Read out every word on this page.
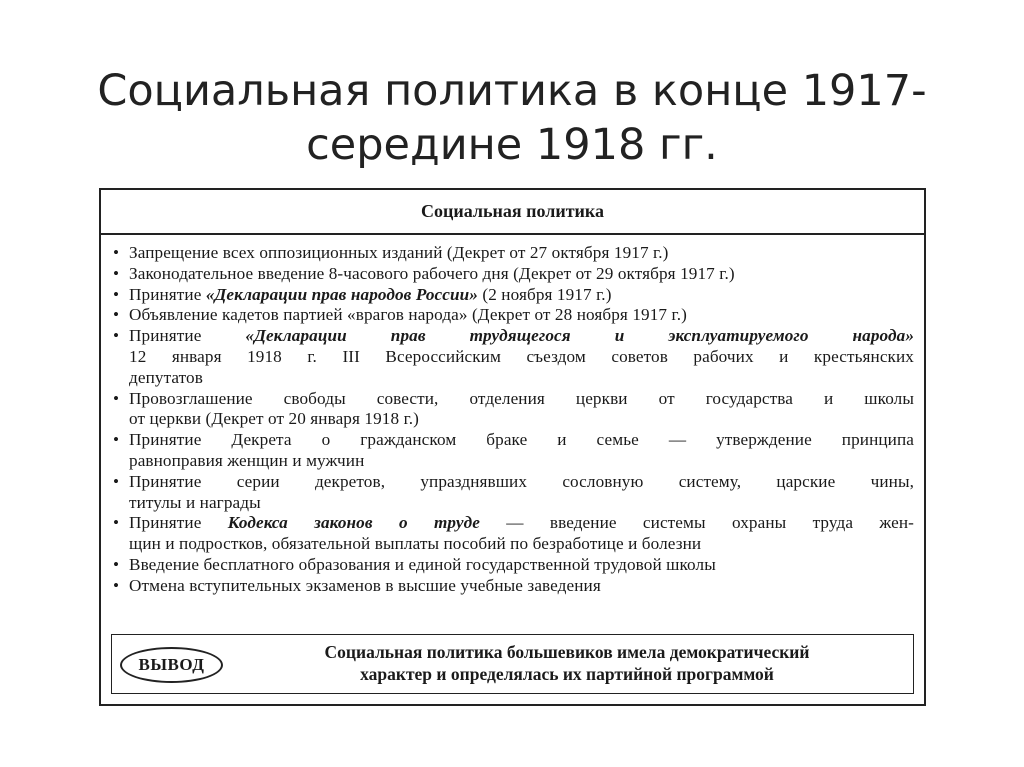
Социальная политика в конце 1917-
середине 1918 гг.
Социальная политика
• Запрещение всех оппозиционных изданий (Декрет от 27 октября 1917 г.)
• Законодательное введение 8-часового рабочего дня (Декрет от 29 октября 1917 г.)
• Принятие «Декларации прав народов России» (2 ноября 1917 г.)
• Объявление кадетов партией «врагов народа» (Декрет от 28 ноября 1917 г.)
• Принятие «Декларации прав трудящегося и эксплуатируемого народа»
12 января 1918 г. III Всероссийским съездом советов рабочих и крестьянских
депутатов
• Провозглашение свободы совести, отделения церкви от государства и школы
от церкви (Декрет от 20 января 1918 г.)
• Принятие Декрета о гражданском браке и семье — утверждение принципа
равноправия женщин и мужчин
• Принятие серии декретов, упразднявших сословную систему, царские чины,
титулы и награды
• Принятие Кодекса законов о труде — введение системы охраны труда жен-
щин и подростков, обязательной выплаты пособий по безработице и болезни
• Введение бесплатного образования и единой государственной трудовой школы
• Отмена вступительных экзаменов в высшие учебные заведения
ВЫВОД
Социальная политика большевиков имела демократический
характер и определялась их партийной программой
